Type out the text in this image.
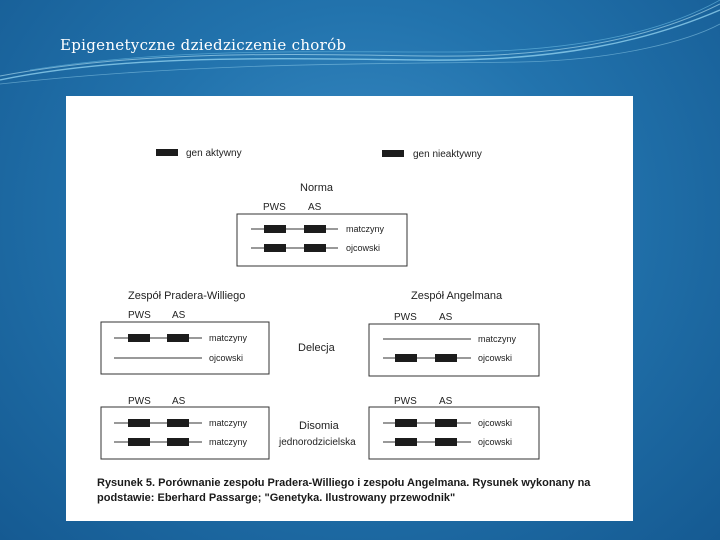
Epigenetyczne dziedziczenie chorób
gen aktywny	gen nieaktywny
Norma
PWS AS
matczyny
ojcowski
Zespół Pradera-Williego	Zespół Angelmana
PWS AS
matczyny
ojcowski
Delecja
PWS AS
matczyny
ojcowski
PWS AS
matczyny
matczyny
Disomia
jednorodzicielska
PWS AS
ojcowski
ojcowski
Rysunek 5. Porównanie zespołu Pradera-Williego i zespołu Angelmana. Rysunek wykonany na
podstawie: Eberhard Passarge; "Genetyka. Ilustrowany przewodnik"
